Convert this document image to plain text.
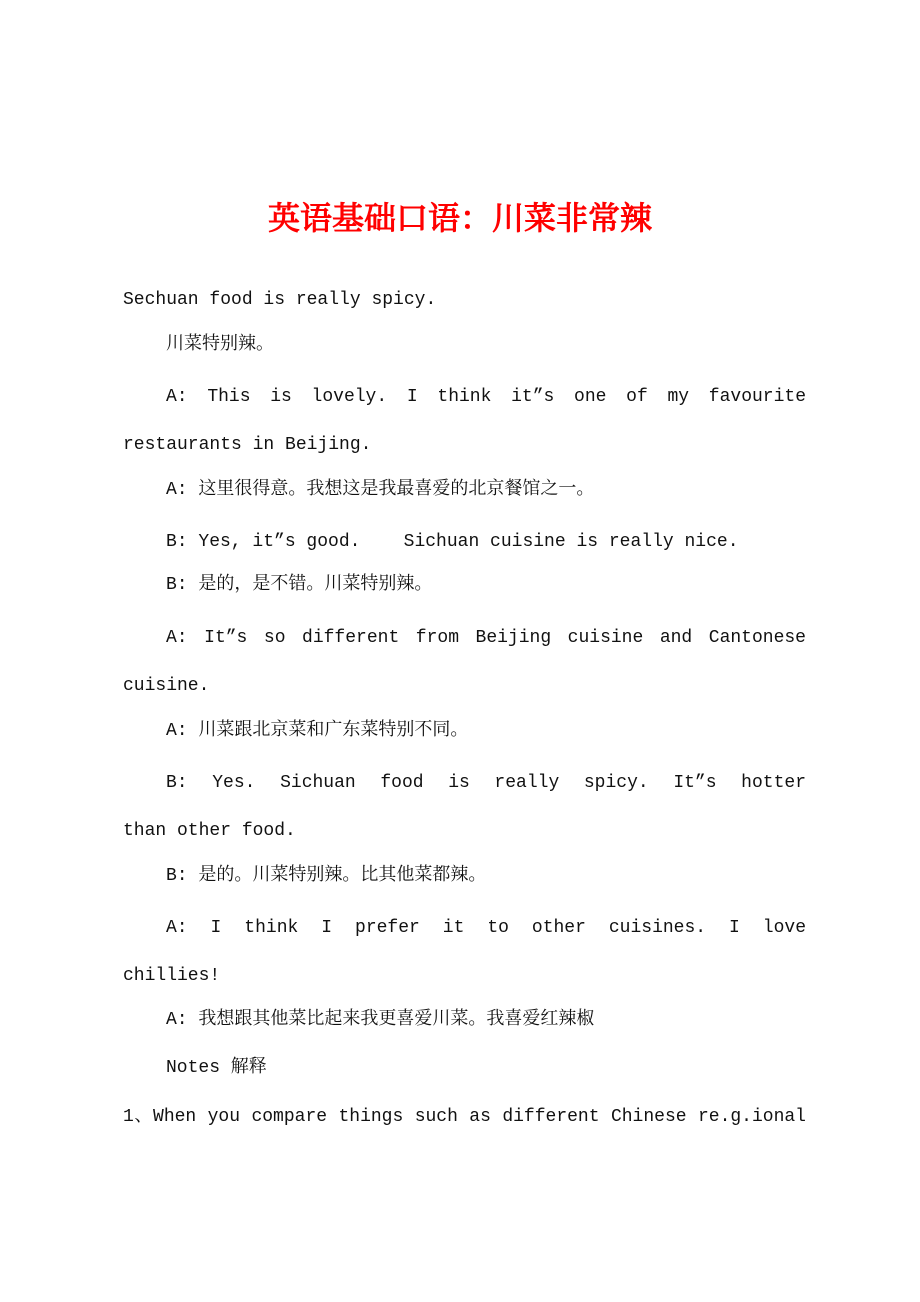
英语基础口语：川菜非常辣
Sechuan food is really spicy.
川菜特别辣。
A: This is lovely. I think it”s one of my favourite
restaurants in Beijing.
A: 这里很得意。我想这是我最喜爱的北京餐馆之一。
B: Yes, it”s good.    Sichuan cuisine is really nice.
B: 是的，是不错。川菜特别辣。
A: It”s so different from Beijing cuisine and Cantonese
cuisine.
A: 川菜跟北京菜和广东菜特别不同。
B: Yes. Sichuan food is really spicy. It”s hotter
than other food.
B: 是的。川菜特别辣。比其他菜都辣。
A: I think I prefer it to other cuisines. I love
chillies!
A: 我想跟其他菜比起来我更喜爱川菜。我喜爱红辣椒
Notes 解释
1、When you compare things such as different Chinese re.g.ional
